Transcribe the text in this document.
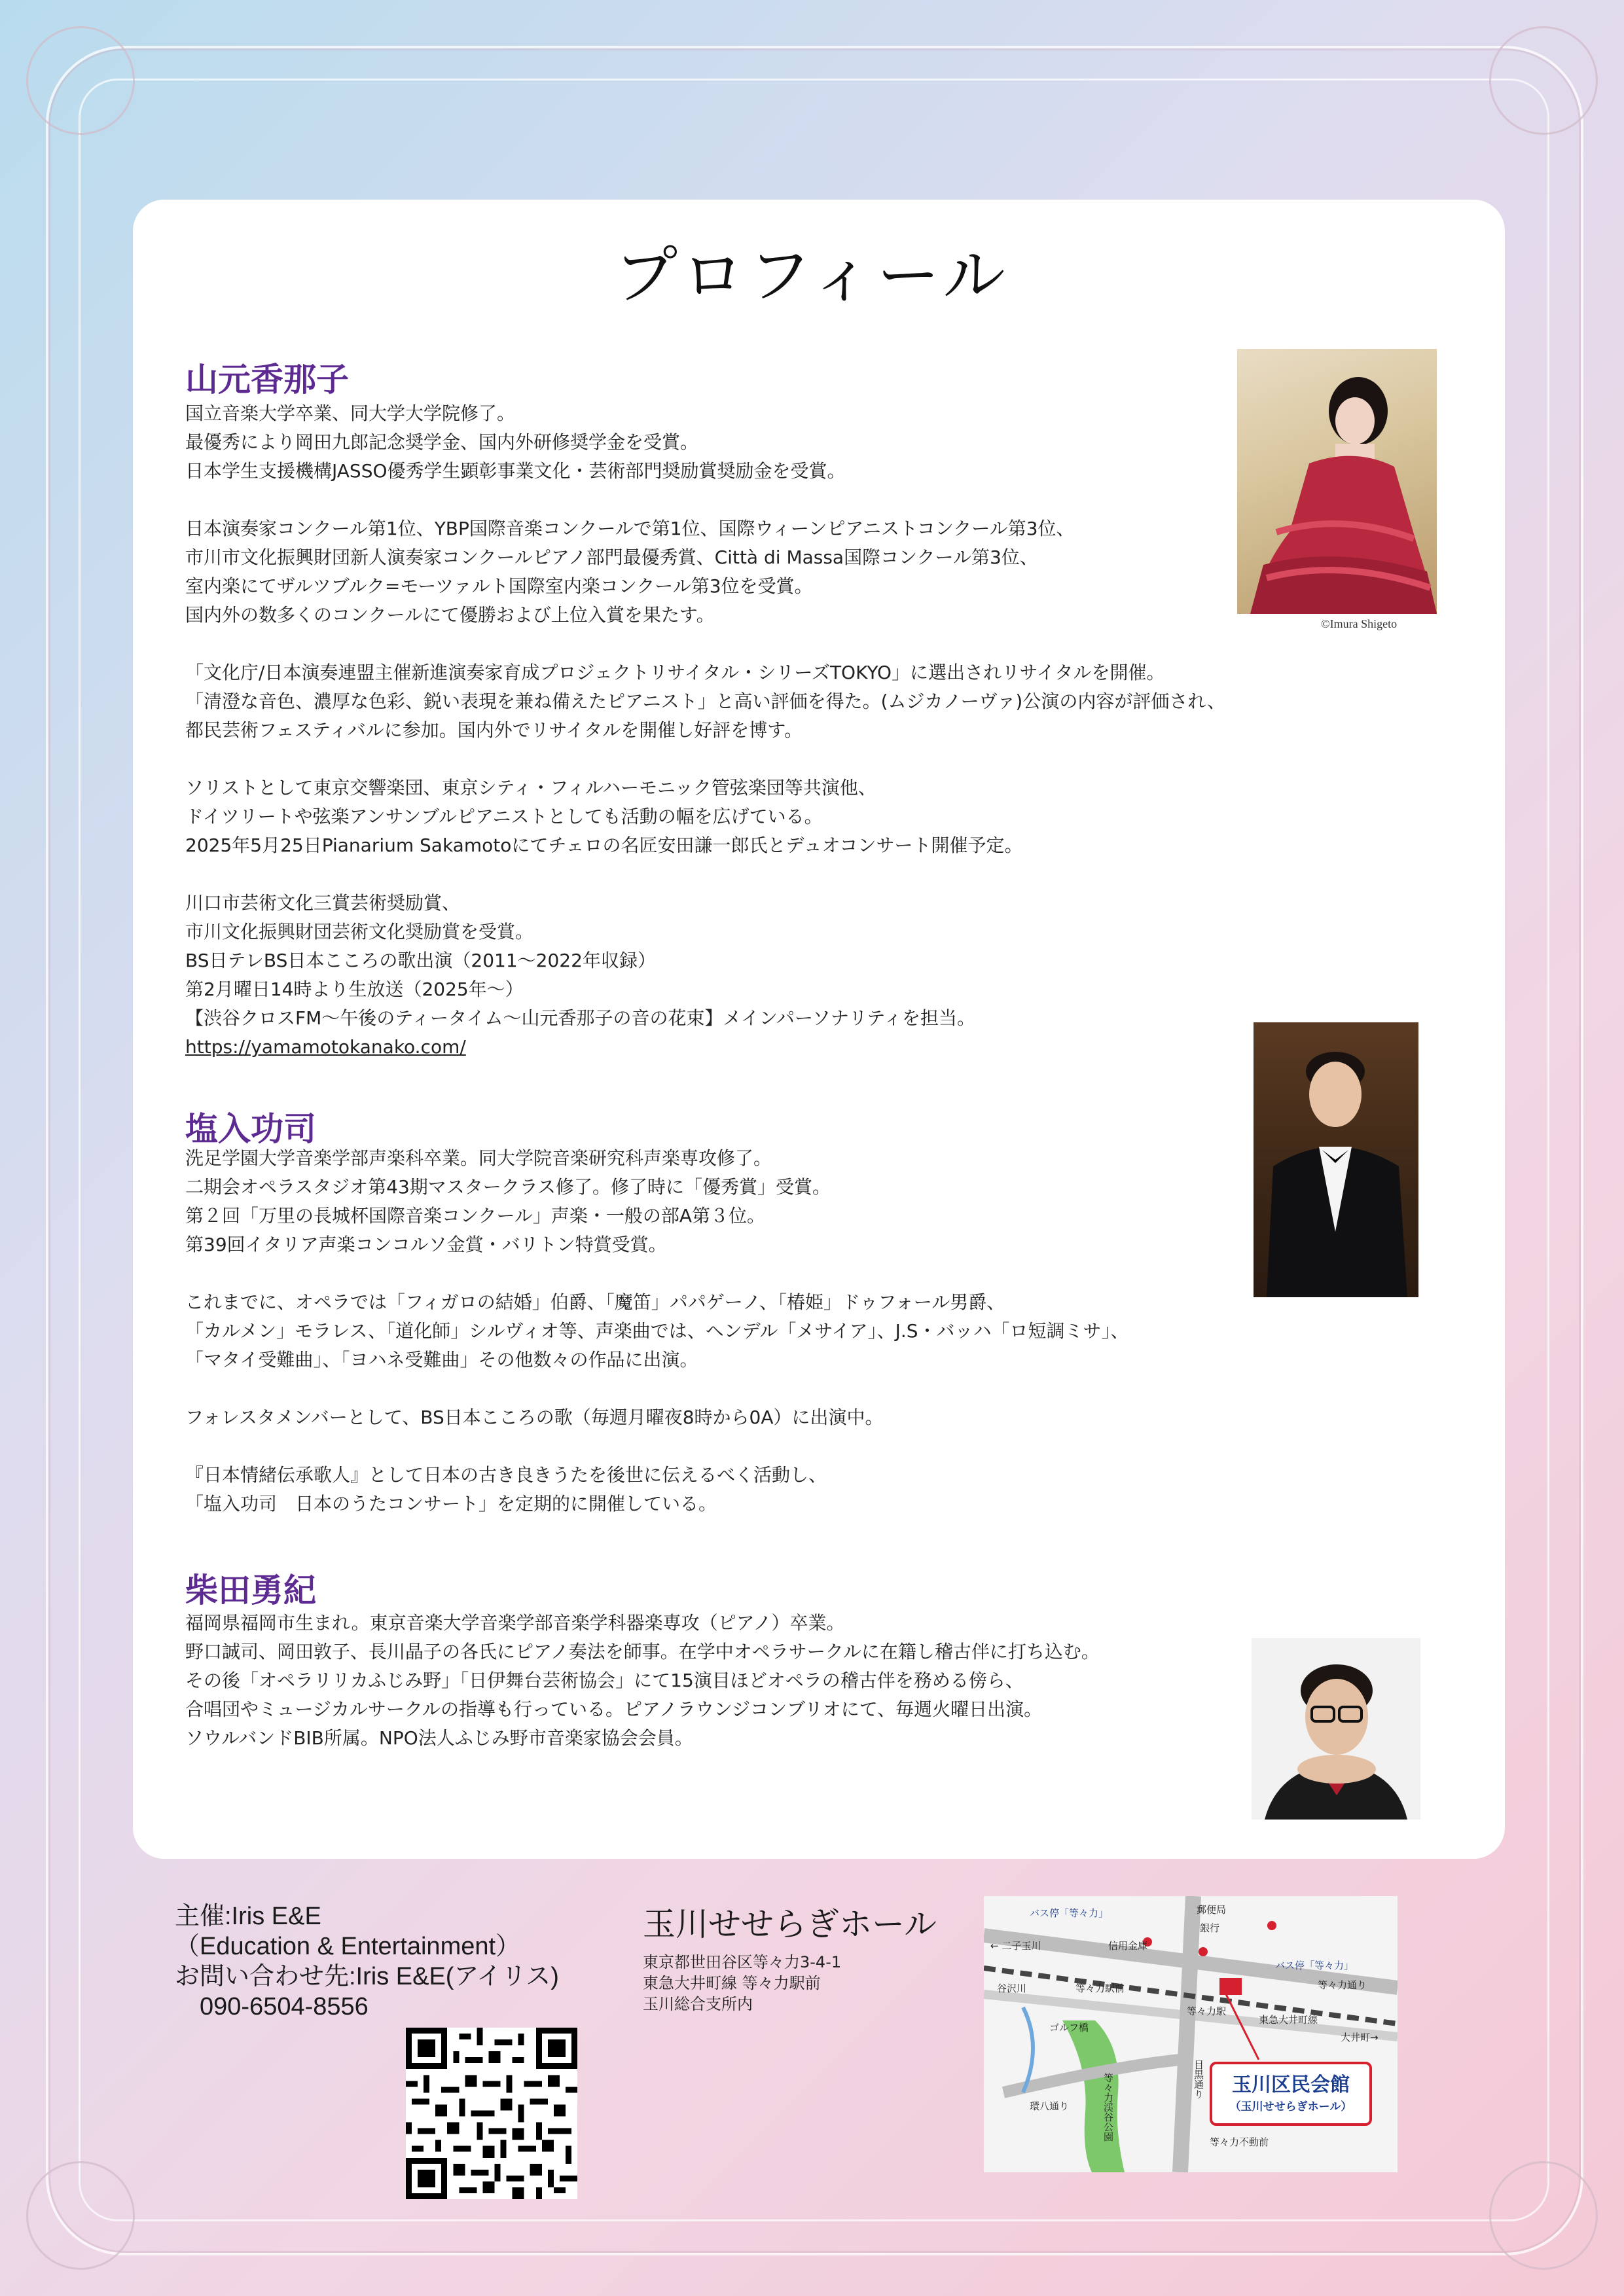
プロフィール
山元香那子
国立音楽大学卒業、同大学大学院修了。
最優秀により岡田九郎記念奨学金、国内外研修奨学金を受賞。
日本学生支援機構JASSO優秀学生顕彰事業文化・芸術部門奨励賞奨励金を受賞。
日本演奏家コンクール第1位、YBP国際音楽コンクールで第1位、国際ウィーンピアニストコンクール第3位、
市川市文化振興財団新人演奏家コンクールピアノ部門最優秀賞、Città di Massa国際コンクール第3位、
室内楽にてザルツブルク=モーツァルト国際室内楽コンクール第3位を受賞。
国内外の数多くのコンクールにて優勝および上位入賞を果たす。
「文化庁/日本演奏連盟主催新進演奏家育成プロジェクトリサイタル・シリーズTOKYO」に選出されリサイタルを開催。
「清澄な音色、濃厚な色彩、鋭い表現を兼ね備えたピアニスト」と高い評価を得た。(ムジカノーヴァ)公演の内容が評価され、
都民芸術フェスティバルに参加。国内外でリサイタルを開催し好評を博す。
ソリストとして東京交響楽団、東京シティ・フィルハーモニック管弦楽団等共演他、
ドイツリートや弦楽アンサンブルピアニストとしても活動の幅を広げている。
2025年5月25日Pianarium Sakamotoにてチェロの名匠安田謙一郎氏とデュオコンサート開催予定。
川口市芸術文化三賞芸術奨励賞、
市川文化振興財団芸術文化奨励賞を受賞。
BS日テレBS日本こころの歌出演（2011〜2022年収録）
第2月曜日14時より生放送（2025年〜）
【渋谷クロスFM〜午後のティータイム〜山元香那子の音の花束】メインパーソナリティを担当。
https://yamamotokanako.com/
©Imura Shigeto
塩入功司
洗足学園大学音楽学部声楽科卒業。同大学院音楽研究科声楽専攻修了。
二期会オペラスタジオ第43期マスタークラス修了。修了時に「優秀賞」受賞。
第２回「万里の長城杯国際音楽コンクール」声楽・一般の部A第３位。
第39回イタリア声楽コンコルソ金賞・バリトン特賞受賞。
これまでに、オペラでは「フィガロの結婚」伯爵、「魔笛」パパゲーノ、「椿姫」ドゥフォール男爵、
「カルメン」モラレス、「道化師」シルヴィオ等、声楽曲では、ヘンデル「メサイア」、J.S・バッハ「ロ短調ミサ」、
「マタイ受難曲」、「ヨハネ受難曲」その他数々の作品に出演。
フォレスタメンバーとして、BS日本こころの歌（毎週月曜夜8時から0A）に出演中。
『日本情緒伝承歌人』として日本の古き良きうたを後世に伝えるべく活動し、
「塩入功司　日本のうたコンサート」を定期的に開催している。
柴田勇紀
福岡県福岡市生まれ。東京音楽大学音楽学部音楽学科器楽専攻（ピアノ）卒業。
野口誠司、岡田敦子、長川晶子の各氏にピアノ奏法を師事。在学中オペラサークルに在籍し稽古伴に打ち込む。
その後「オペラリリカふじみ野」「日伊舞台芸術協会」にて15演目ほどオペラの稽古伴を務める傍ら、
合唱団やミュージカルサークルの指導も行っている。ピアノラウンジコンブリオにて、毎週火曜日出演。
ソウルバンドBIB所属。NPO法人ふじみ野市音楽家協会会員。
主催:Iris E&E
（Education & Entertainment）
お問い合わせ先:Iris E&E(アイリス)
　090-6504-8556
玉川せせらぎホール
東京都世田谷区等々力3-4-1
東急大井町線 等々力駅前
玉川総合支所内
バス停「等々力」	郵便局
銀行
信用金庫
← 二子玉川
谷沢川
バス停「等々力」
等々力通り
等々力駅
等々力駅前
東急大井町線
大井町→
ゴルフ橋
等々力渓谷公園	目黒通り
環八通り
等々力不動前
玉川区民会館
（玉川せせらぎホール）
